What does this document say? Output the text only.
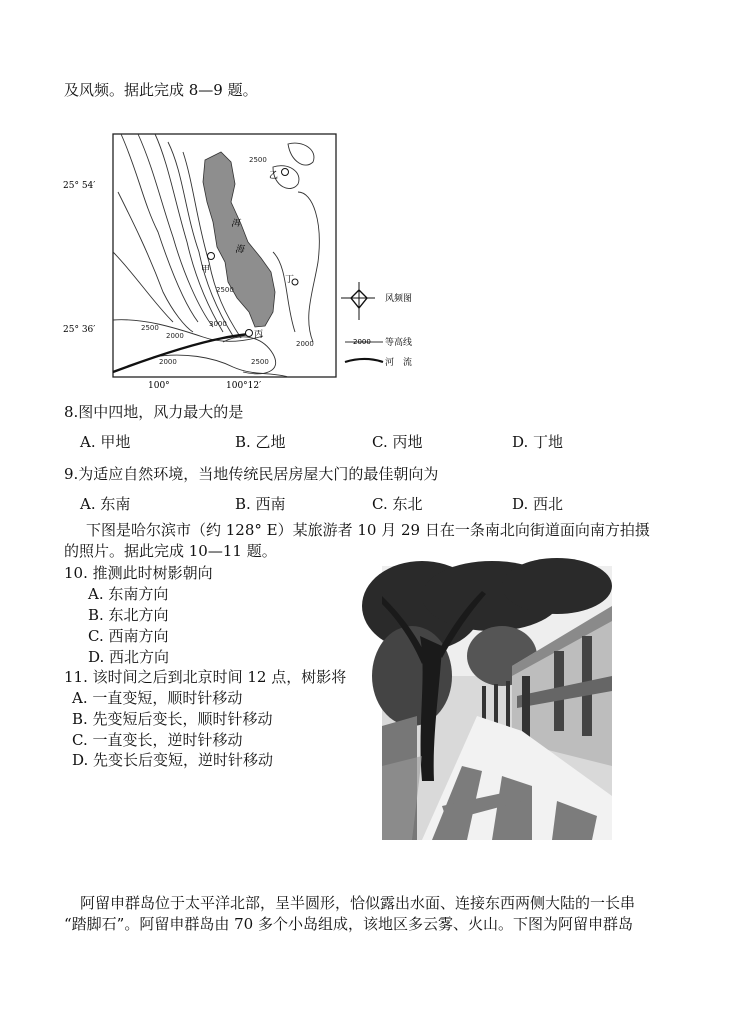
及风频。据此完成 8—9 题。
甲
乙
丙
丁
洱
海
2500
2500
3000
2500
2000
2000	2500
2000
25° 54′
25° 36′
100°	100°12′
风频图
2000 等高线
河　流
8.图中四地，风力最大的是
A. 甲地	B. 乙地	C. 丙地	D. 丁地
9.为适应自然环境，当地传统民居房屋大门的最佳朝向为
A. 东南	B. 西南	C. 东北	D. 西北
下图是哈尔滨市（约 128° E）某旅游者 10 月 29 日在一条南北向街道面向南方拍摄
的照片。据此完成 10—11 题。
10. 推测此时树影朝向
A. 东南方向
B. 东北方向
C. 西南方向
D. 西北方向
11. 该时间之后到北京时间 12 点，树影将
A. 一直变短，顺时针移动
B. 先变短后变长，顺时针移动
C. 一直变长，逆时针移动
D. 先变长后变短，逆时针移动
阿留申群岛位于太平洋北部，呈半圆形，恰似露出水面、连接东西两侧大陆的一长串
“踏脚石”。阿留申群岛由 70 多个小岛组成，该地区多云雾、火山。下图为阿留申群岛
